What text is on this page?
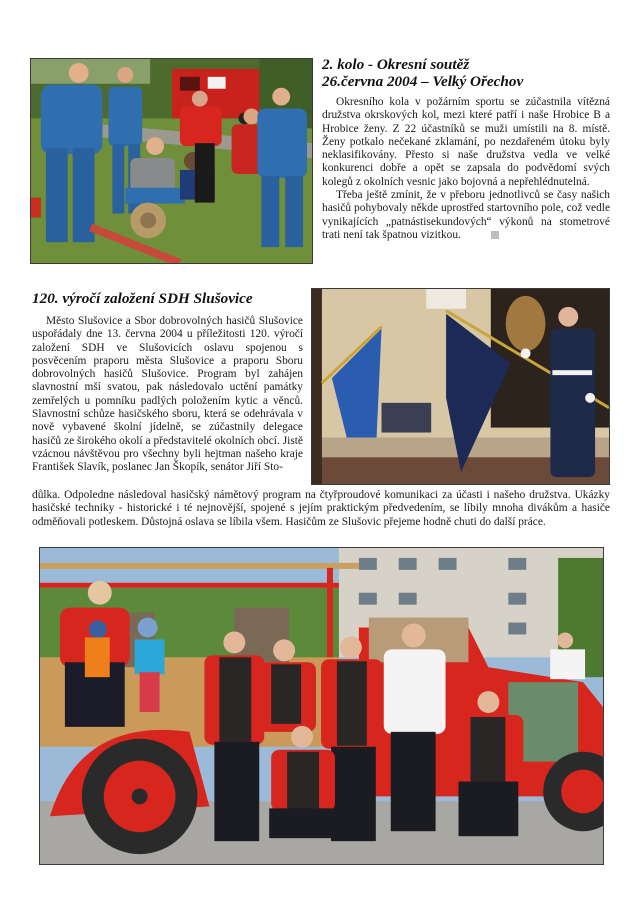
2. kolo - Okresní soutěž
26.června 2004 – Velký Ořechov

Okresního kola v požárním sportu se zúčastnila vítězná družstva okrskových kol, mezi které patří i naše Hrobice B a Hrobice ženy. Z 22 účastníků se muži umístili na 8. místě. Ženy potkalo nečekané zklamání, po nezdařeném útoku byly neklasifikovány. Přesto si naše družstva vedla ve velké konkurenci dobře a opět se zapsala do podvědomí svých kolegů z okolních vesnic jako bojovná a nepřehlédnutelná.

Třeba ještě zmínit, že v přeboru jednotlivců se časy našich hasičů pohybovaly někde uprostřed startovního pole, což vedle vynikajících „patnástisekundových“ výkonů na stometrové trati není tak špatnou vizitkou.

120. výročí založení SDH Slušovice

Město Slušovice a Sbor dobrovolných hasičů Slušovice uspořádaly dne 13. června 2004 u příležitosti 120. výročí založení SDH ve Slušovicích oslavu spojenou s posvěcením praporu města Slušovice a praporu Sboru dobrovolných hasičů Slušovice. Program byl zahájen slavnostní mší svatou, pak následovalo uctění památky zemřelých u pomníku padlých položením kytic a věnců. Slavnostní schůze hasičského sboru, která se odehrávala v nově vybavené školní jídelně, se zúčastnily delegace hasičů ze širokého okolí a představitelé okolních obcí. Jistě vzácnou návštěvou pro všechny byli hejtman našeho kraje František Slavík, poslanec Jan Škopík, senátor Jiří Sto-

důlka. Odpoledne následoval hasičský námětový program na čtyřproudové komunikaci za účasti i našeho družstva. Ukázky hasičské techniky - historické i té nejnovější, spojené s jejím praktickým předvedením, se líbily mnoha divákům a hasiče odměňovali potleskem. Důstojná oslava se líbila všem. Hasičům ze Slušovic přejeme hodně chuti do další práce.
